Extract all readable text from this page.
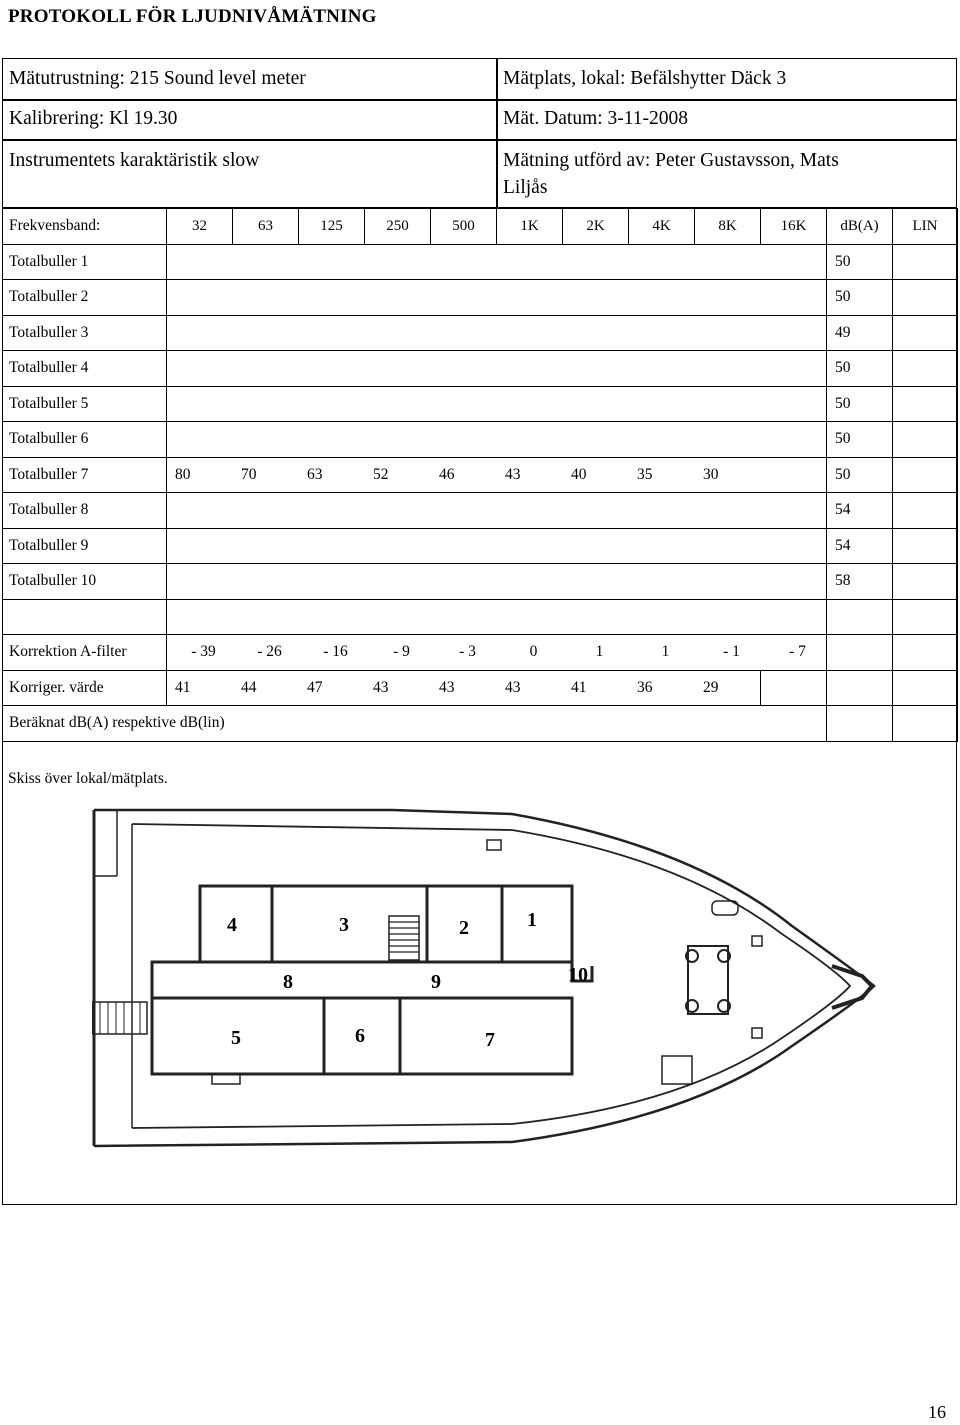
PROTOKOLL FÖR LJUDNIVÅMÄTNING
Mätutrustning: 215 Sound level meter	Mätplats, lokal: Befälshytter Däck 3
Kalibrering: Kl 19.30	Mät. Datum: 3-11-2008
Instrumentets karaktäristik slow	Mätning utförd av: Peter Gustavsson, Mats
Liljås
Frekvensband:	32	63	125	250	500	1K	2K	4K	8K	16K	dB(A)	LIN
Totalbuller 1											50	
Totalbuller 2											50	
Totalbuller 3											49	
Totalbuller 4											50	
Totalbuller 5											50	
Totalbuller 6											50	
Totalbuller 7	80	70	63	52	46	43	40	35	30		50	
Totalbuller 8											54	
Totalbuller 9											54	
Totalbuller 10											58	

Korrektion A-filter	- 39	- 26	- 16	- 9	- 3	0	1	1	- 1	- 7		
Korriger. värde	41	44	47	43	43	43	41	36	29			
Beräknat dB(A) respektive dB(lin)												
Skiss över lokal/mätplats.
4	3	2	1
8	9	10
5	6	7
16
